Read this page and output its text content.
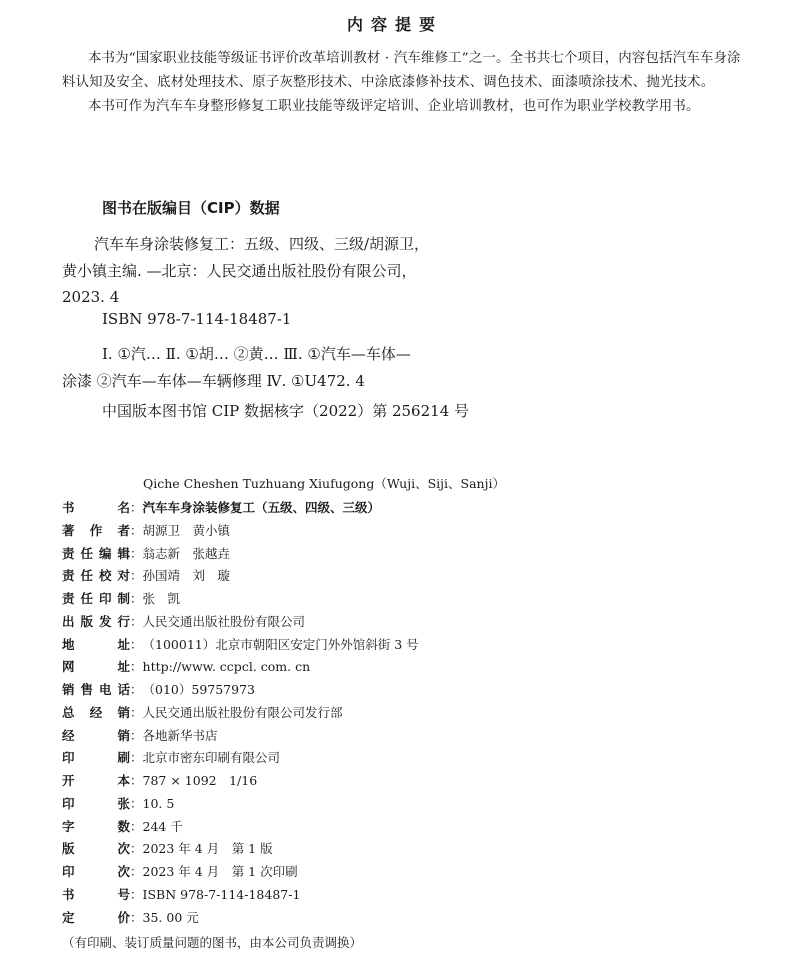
内容提要

本书为“国家职业技能等级证书评价改革培训教材 · 汽车维修工”之一。全书共七个项目，内容包括汽车车身涂料认知及安全、底材处理技术、原子灰整形技术、中涂底漆修补技术、调色技术、面漆喷涂技术、抛光技术。

本书可作为汽车车身整形修复工职业技能等级评定培训、企业培训教材，也可作为职业学校教学用书。

图书在版编目（CIP）数据
汽车车身涂装修复工：五级、四级、三级/胡源卫，
黄小镇主编. —北京：人民交通出版社股份有限公司，
2023. 4
ISBN 978-7-114-18487-1
Ⅰ. ①汽… Ⅱ. ①胡… ②黄… Ⅲ. ①汽车—车体—
涂漆 ②汽车—车体—车辆修理 Ⅳ. ①U472. 4
中国版本图书馆 CIP 数据核字（2022）第 256214 号
Qiche Cheshen Tuzhuang Xiufugong（Wuji、Siji、Sanji）
书　　名：汽车车身涂装修复工（五级、四级、三级）
著　作　者：胡源卫　黄小镇
责任编辑：翁志新　张越垚
责任校对：孙国靖　刘　璇
责任印制：张　凯
出版发行：人民交通出版社股份有限公司
地　　址：（100011）北京市朝阳区安定门外外馆斜街 3 号
网　　址：http://www. ccpcl. com. cn
销售电话：（010）59757973
总　经　销：人民交通出版社股份有限公司发行部
经　　销：各地新华书店
印　　刷：北京市密东印刷有限公司
开　　本：787 × 1092　1/16
印　　张：10. 5
字　　数：244 千
版　　次：2023 年 4 月　第 1 版
印　　次：2023 年 4 月　第 1 次印刷
书　　号：ISBN 978-7-114-18487-1
定　　价：35. 00 元
（有印刷、装订质量问题的图书，由本公司负责调换）
